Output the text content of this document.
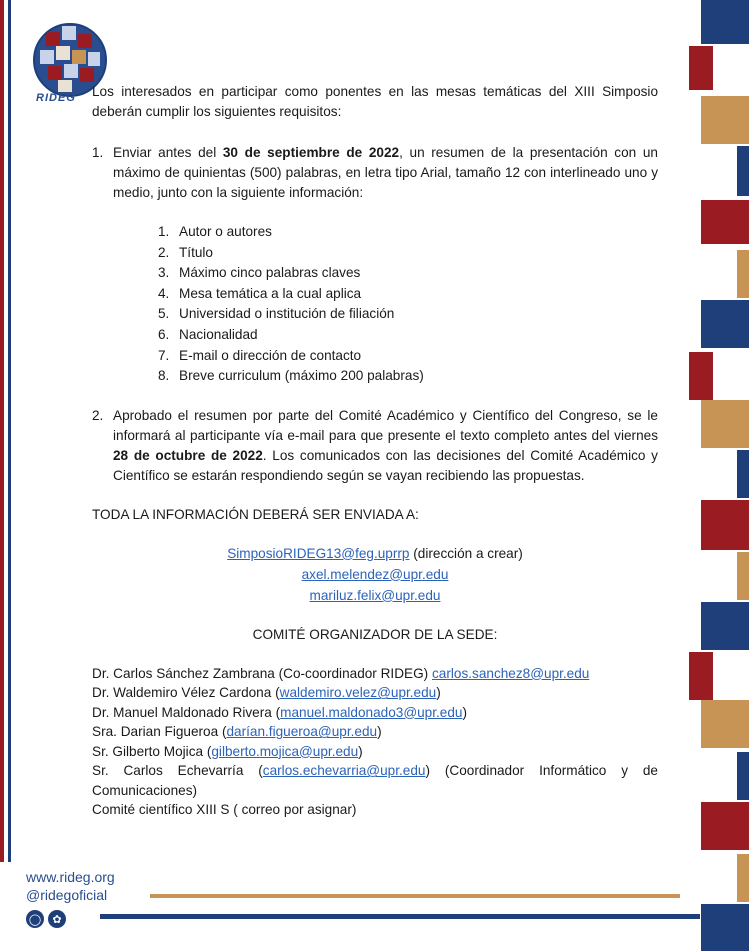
RIDEG Los interesados en participar como ponentes en las mesas temáticas del XIII Simposio deberán cumplir los siguientes requisitos:
1. Enviar antes del 30 de septiembre de 2022, un resumen de la presentación con un máximo de quinientas (500) palabras, en letra tipo Arial, tamaño 12 con interlineado uno y medio, junto con la siguiente información:
1. Autor o autores
2. Título
3. Máximo cinco palabras claves
4. Mesa temática a la cual aplica
5. Universidad o institución de filiación
6. Nacionalidad
7. E-mail o dirección de contacto
8. Breve curriculum (máximo 200 palabras)
2. Aprobado el resumen por parte del Comité Académico y Científico del Congreso, se le informará al participante vía e-mail para que presente el texto completo antes del viernes 28 de octubre de 2022. Los comunicados con las decisiones del Comité Académico y Científico se estarán respondiendo según se vayan recibiendo las propuestas.
TODA LA INFORMACIÓN DEBERÁ SER ENVIADA A:
SimposioRIDEG13@feg.uprrp (dirección a crear)
axel.melendez@upr.edu
mariluz.felix@upr.edu
COMITÉ ORGANIZADOR DE LA SEDE:
Dr. Carlos Sánchez Zambrana (Co-coordinador RIDEG) carlos.sanchez8@upr.edu
Dr. Waldemiro Vélez Cardona (waldemiro.velez@upr.edu)
Dr. Manuel Maldonado Rivera (manuel.maldonado3@upr.edu)
Sra. Darian Figueroa (darían.figueroa@upr.edu)
Sr. Gilberto Mojica (gilberto.mojica@upr.edu)
Sr. Carlos Echevarría (carlos.echevarria@upr.edu) (Coordinador Informático y de Comunicaciones)
Comité científico XIII S ( correo por asignar)
www.rideg.org
@ridegoficial
◯	✿
